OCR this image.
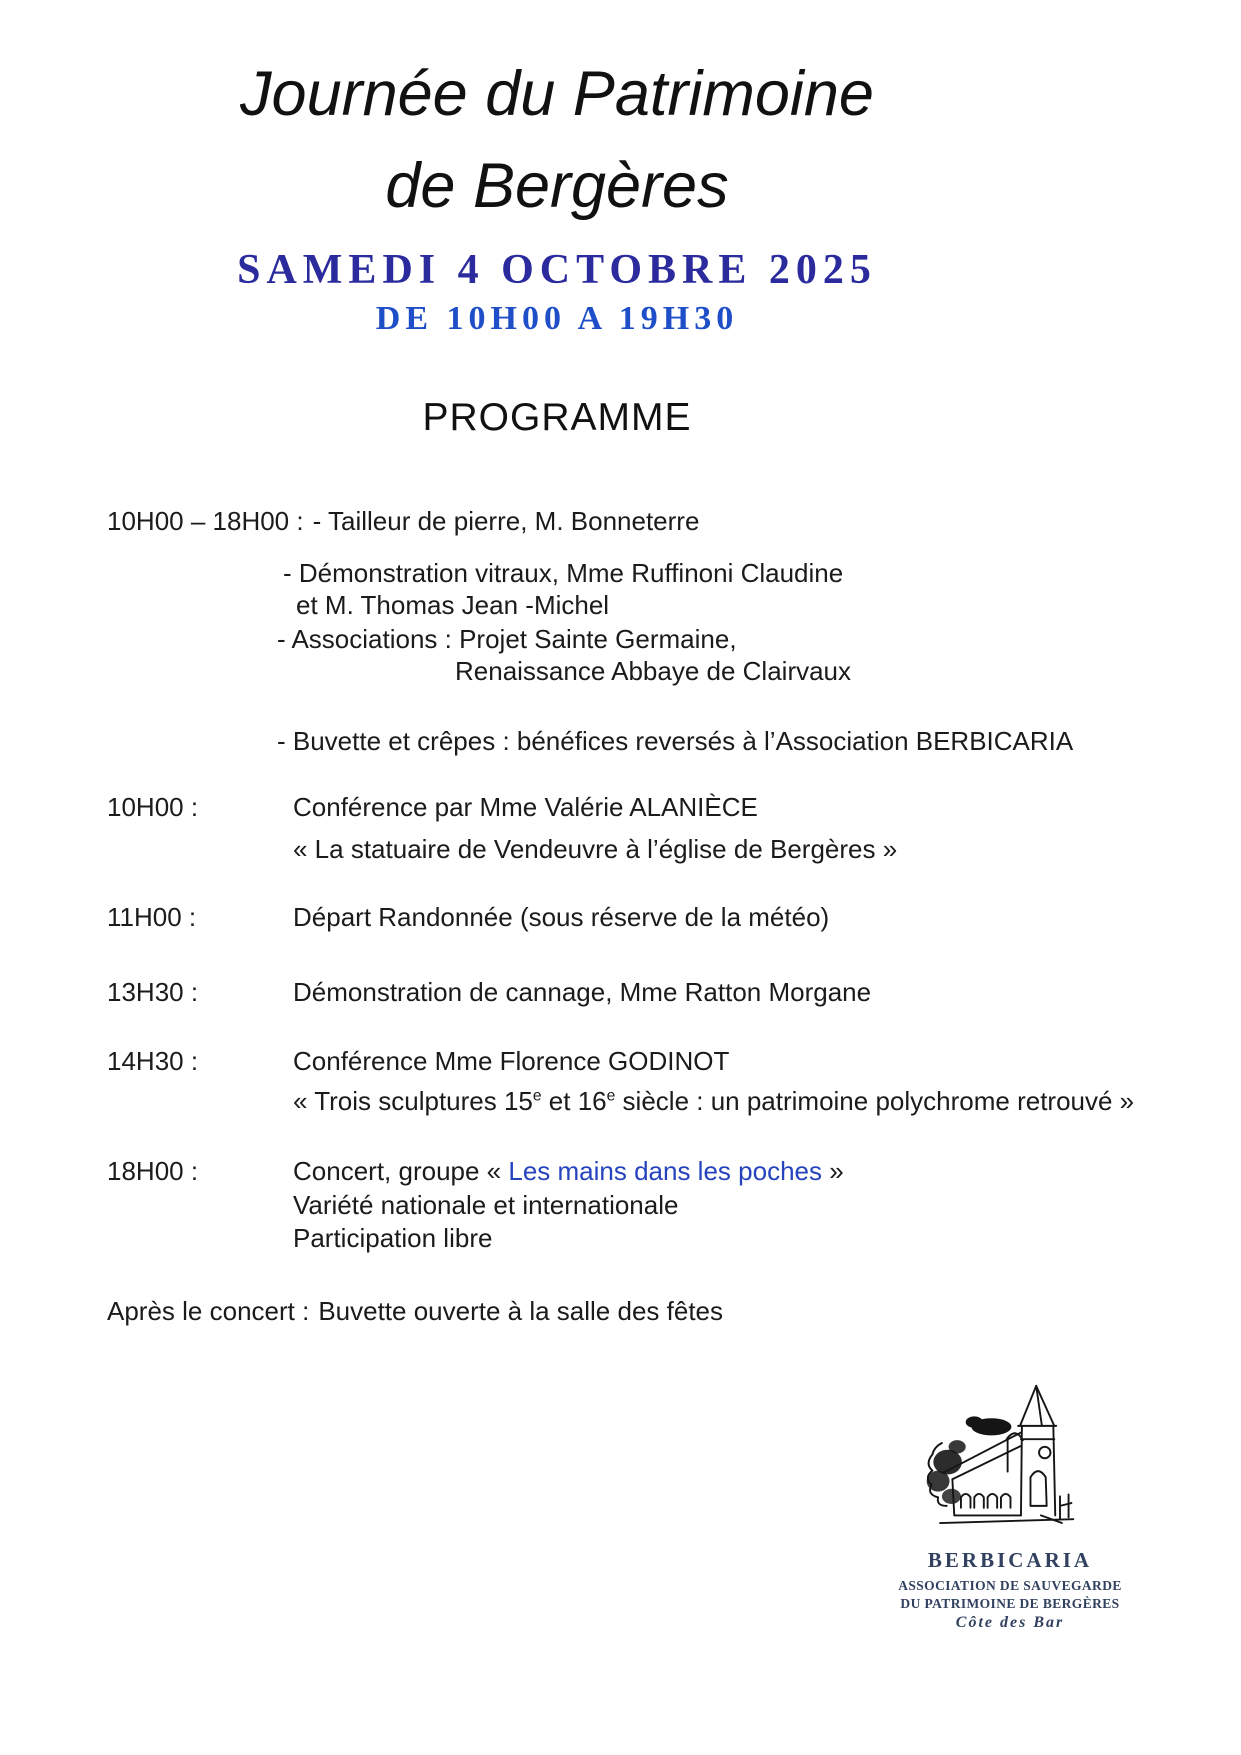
Journée du Patrimoine
de Bergères
SAMEDI 4 OCTOBRE 2025
DE 10H00 A 19H30
PROGRAMME
10H00 – 18H00 : - Tailleur de pierre, M. Bonneterre
- Démonstration vitraux, Mme Ruffinoni Claudine
et M. Thomas Jean -Michel
- Associations : Projet Sainte Germaine,
Renaissance Abbaye de Clairvaux
- Buvette et crêpes : bénéfices reversés à l’Association BERBICARIA
10H00 :	Conférence par Mme Valérie ALANIÈCE
« La statuaire de Vendeuvre à l’église de Bergères »
11H00 :	Départ Randonnée (sous réserve de la météo)
13H30 :	Démonstration de cannage, Mme Ratton Morgane
14H30 :	Conférence Mme Florence GODINOT
« Trois sculptures 15e et 16e siècle : un patrimoine polychrome retrouvé »
18H00 :	Concert, groupe « Les mains dans les poches »
Variété nationale et internationale
Participation libre
Après le concert : Buvette ouverte à la salle des fêtes
BERBICARIA
ASSOCIATION DE SAUVEGARDE
DU PATRIMOINE DE BERGÈRES
Côte des Bar
